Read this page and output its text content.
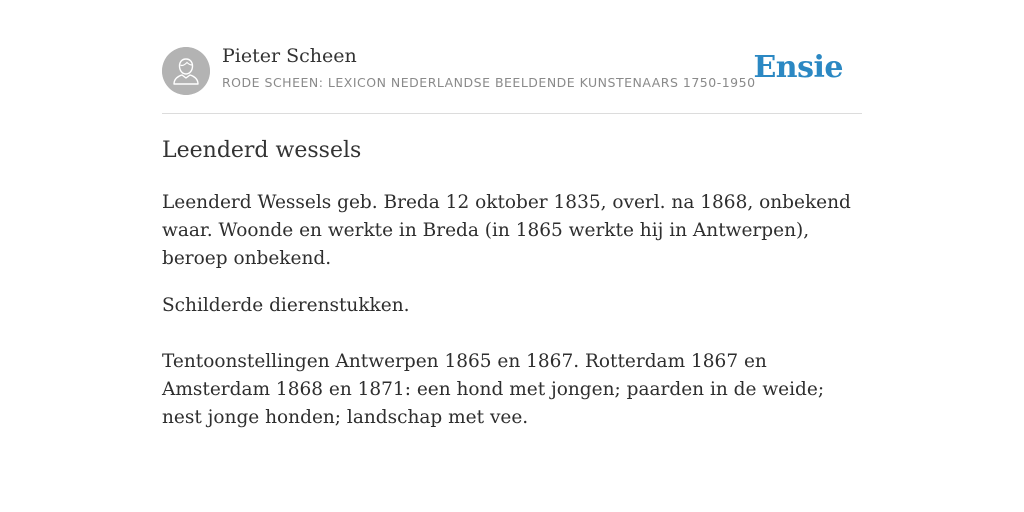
Pieter Scheen
RODE SCHEEN: LEXICON NEDERLANDSE BEELDENDE KUNSTENAARS 1750-1950
Ensie
Leenderd wessels

Leenderd Wessels geb. Breda 12 oktober 1835, overl. na 1868, onbekend waar. Woonde en werkte in Breda (in 1865 werkte hij in Antwerpen), beroep onbekend.

Schilderde dierenstukken.

Tentoonstellingen Antwerpen 1865 en 1867. Rotterdam 1867 en Amsterdam 1868 en 1871: een hond met jongen; paarden in de weide; nest jonge honden; landschap met vee.
